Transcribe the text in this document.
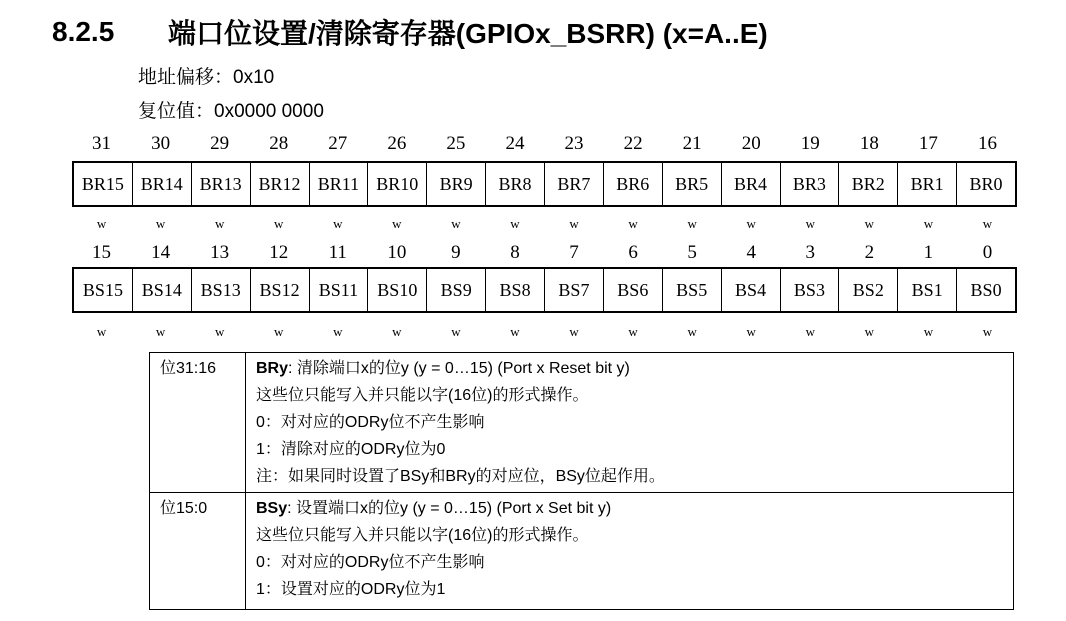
8.2.5	端口位设置/清除寄存器(GPIOx_BSRR) (x=A..E)
地址偏移：0x10
复位值：0x0000 0000
31	30	29	28	27	26	25	24	23	22	21	20	19	18	17	16
BR15 BR14 BR13 BR12 BR11 BR10	BR9	BR8	BR7	BR6	BR5	BR4	BR3	BR2	BR1	BR0
w	w	w	w	w	w	w	w	w	w	w	w	w	w	w	w
15	14	13	12	11	10	9	8	7	6	5	4	3	2	1	0
BS15	BS14	BS13	BS12	BS11	BS10	BS9	BS8	BS7	BS6	BS5	BS4	BS3	BS2	BS1	BS0
w	w	w	w	w	w	w	w	w	w	w	w	w	w	w	w
位31:16	BRy: 清除端口x的位y (y = 0…15) (Port x Reset bit y)
这些位只能写入并只能以字(16位)的形式操作。
0：对对应的ODRy位不产生影响
1：清除对应的ODRy位为0
注：如果同时设置了BSy和BRy的对应位，BSy位起作用。

位15:0	BSy: 设置端口x的位y (y = 0…15) (Port x Set bit y)
这些位只能写入并只能以字(16位)的形式操作。
0：对对应的ODRy位不产生影响
1：设置对应的ODRy位为1
